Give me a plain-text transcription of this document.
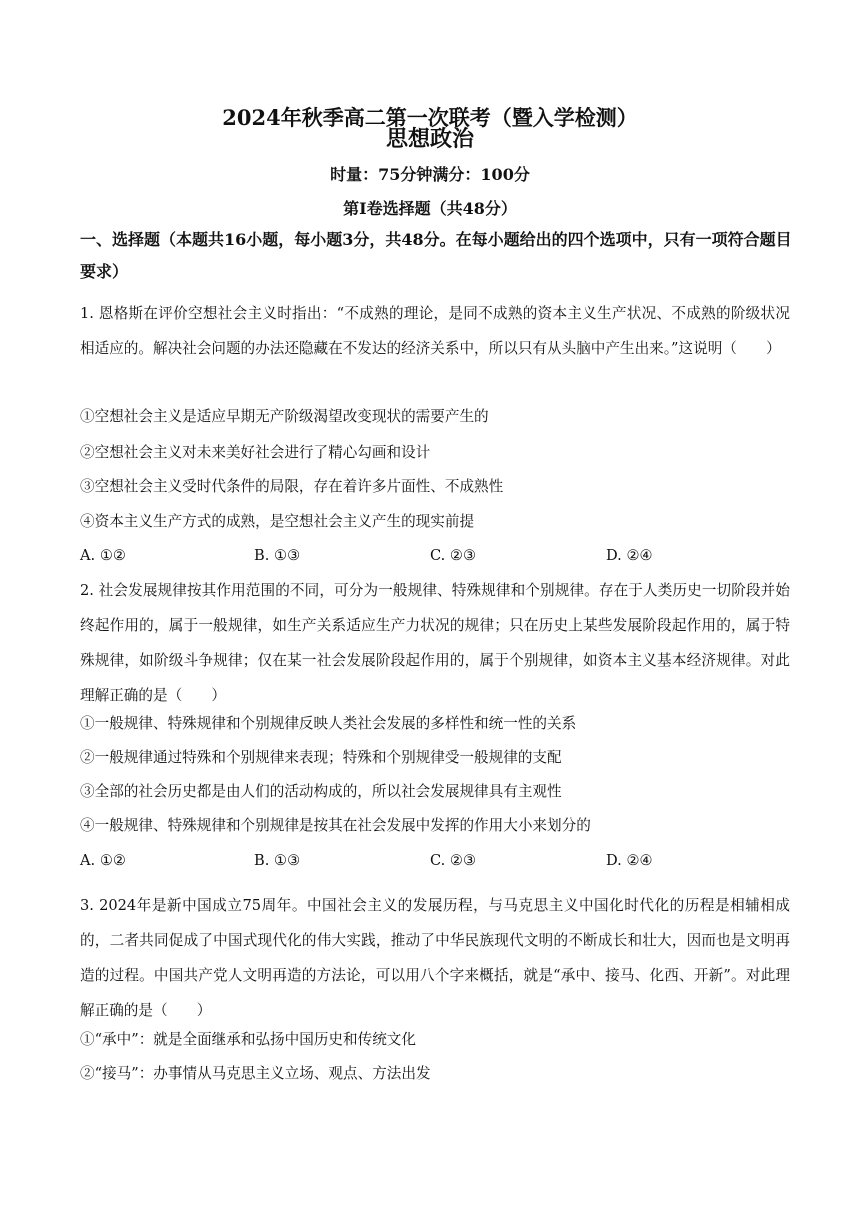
2024年秋季高二第一次联考（暨入学检测）
思想政治
时量：75分钟满分：100分
第Ⅰ卷选择题（共48分）
一、选择题（本题共16小题，每小题3分，共48分。在每小题给出的四个选项中，只有一项符合题目要求）
1. 恩格斯在评价空想社会主义时指出：“不成熟的理论，是同不成熟的资本主义生产状况、不成熟的阶级状况相适应的。解决社会问题的办法还隐藏在不发达的经济关系中，所以只有从头脑中产生出来。”这说明（　　）
①空想社会主义是适应早期无产阶级渴望改变现状的需要产生的
②空想社会主义对未来美好社会进行了精心勾画和设计
③空想社会主义受时代条件的局限，存在着许多片面性、不成熟性
④资本主义生产方式的成熟，是空想社会主义产生的现实前提
A. ①②	B. ①③	C. ②③	D. ②④
2. 社会发展规律按其作用范围的不同，可分为一般规律、特殊规律和个别规律。存在于人类历史一切阶段并始终起作用的，属于一般规律，如生产关系适应生产力状况的规律；只在历史上某些发展阶段起作用的，属于特殊规律，如阶级斗争规律；仅在某一社会发展阶段起作用的，属于个别规律，如资本主义基本经济规律。对此理解正确的是（　　）
①一般规律、特殊规律和个别规律反映人类社会发展的多样性和统一性的关系
②一般规律通过特殊和个别规律来表现；特殊和个别规律受一般规律的支配
③全部的社会历史都是由人们的活动构成的，所以社会发展规律具有主观性
④一般规律、特殊规律和个别规律是按其在社会发展中发挥的作用大小来划分的
A. ①②	B. ①③	C. ②③	D. ②④
3. 2024年是新中国成立75周年。中国社会主义的发展历程，与马克思主义中国化时代化的历程是相辅相成的，二者共同促成了中国式现代化的伟大实践，推动了中华民族现代文明的不断成长和壮大，因而也是文明再造的过程。中国共产党人文明再造的方法论，可以用八个字来概括，就是“承中、接马、化西、开新”。对此理解正确的是（　　）
①“承中”：就是全面继承和弘扬中国历史和传统文化
②“接马”：办事情从马克思主义立场、观点、方法出发
